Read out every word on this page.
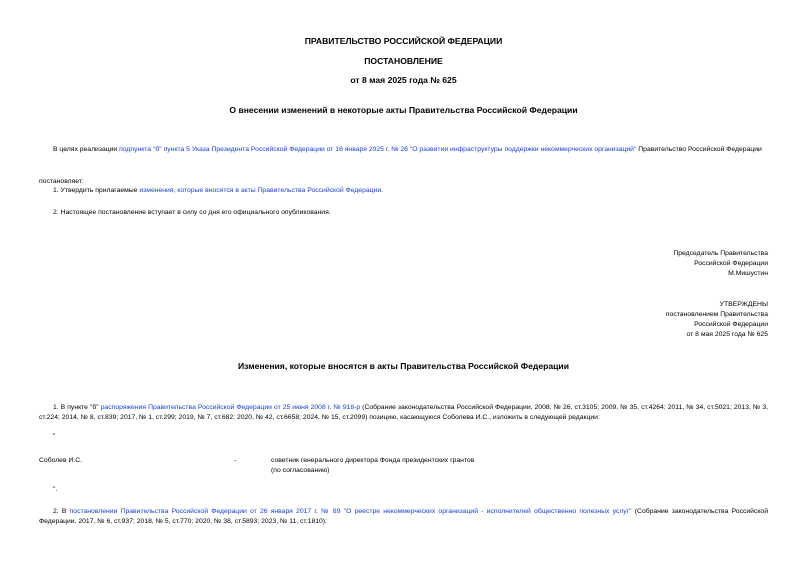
ПРАВИТЕЛЬСТВО РОССИЙСКОЙ ФЕДЕРАЦИИ
ПОСТАНОВЛЕНИЕ
от 8 мая 2025 года № 625
О внесении изменений в некоторые акты Правительства Российской Федерации
В целях реализации подпункта "б" пункта 5 Указа Президента Российской Федерации от 16 января 2025 г. № 26 "О развитии инфраструктуры поддержки некоммерческих организаций" Правительство Российской Федерации
постановляет:
1. Утвердить прилагаемые изменения, которые вносятся в акты Правительства Российской Федерации.
2. Настоящее постановление вступает в силу со дня его официального опубликования.
Председатель Правительства
Российской Федерации
М.Мишустин
УТВЕРЖДЕНЫ
постановлением Правительства
Российской Федерации
от 8 мая 2025 года № 625
Изменения, которые вносятся в акты Правительства Российской Федерации
1. В пункте "б" распоряжения Правительства Российской Федерации от 25 июня 2008 г. № 918-р (Собрание законодательства Российской Федерации, 2008, № 26, ст.3105; 2009, № 35, ст.4264; 2011, № 34, ст.5021; 2013, № 3, ст.224; 2014, № 8, ст.839; 2017, № 1, ст.299; 2019, № 7, ст.682; 2020, № 42, ст.6658; 2024, № 15, ст.2099) позицию, касающуюся Соболева И.С., изложить в следующей редакции:
"
Соболев И.С.	-	советник генерального директора Фонда президентских грантов
(по согласованию)
".
2. В постановлении Правительства Российской Федерации от 26 января 2017 г. № 89 "О реестре некоммерческих организаций - исполнителей общественно полезных услуг" (Собрание законодательства Российской Федерации, 2017, № 6, ст.937; 2018, № 5, ст.770; 2020, № 38, ст.5893; 2023, № 11, ст.1810):
